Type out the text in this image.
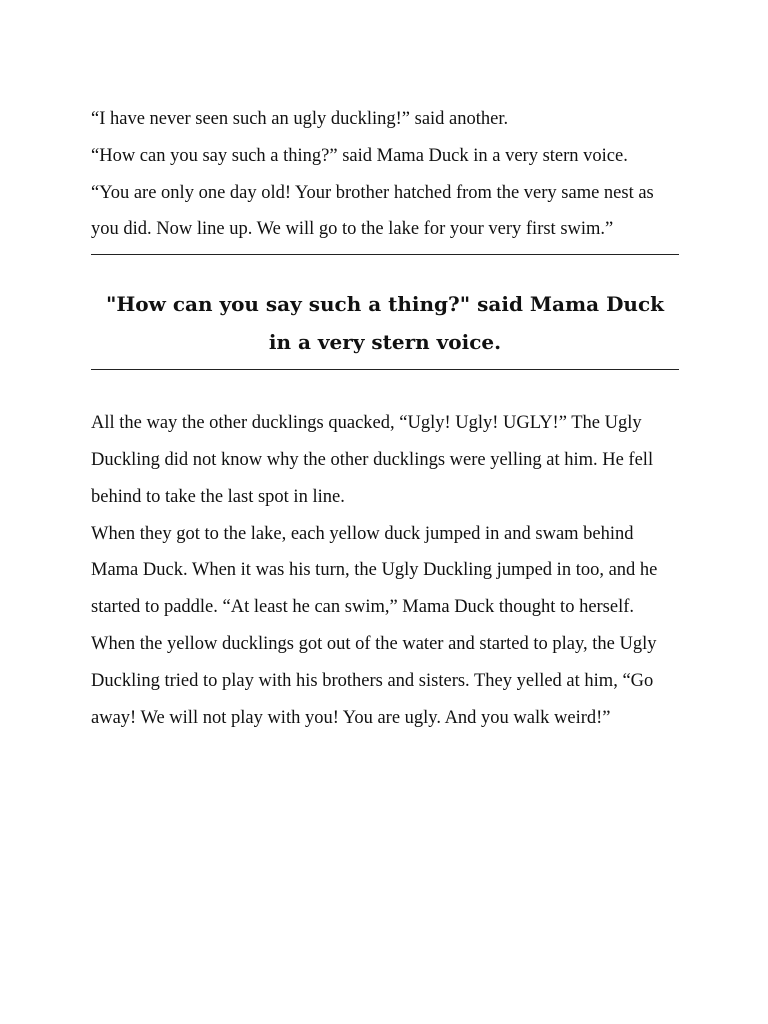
“I have never seen such an ugly duckling!” said another.

“How can you say such a thing?” said Mama Duck in a very stern voice.

“You are only one day old! Your brother hatched from the very same nest as you did. Now line up. We will go to the lake for your very first swim.”

"How can you say such a thing?" said Mama Duck in a very stern voice.

All the way the other ducklings quacked, “Ugly! Ugly! UGLY!” The Ugly Duckling did not know why the other ducklings were yelling at him. He fell behind to take the last spot in line.

When they got to the lake, each yellow duck jumped in and swam behind Mama Duck. When it was his turn, the Ugly Duckling jumped in too, and he started to paddle. “At least he can swim,” Mama Duck thought to herself.

When the yellow ducklings got out of the water and started to play, the Ugly Duckling tried to play with his brothers and sisters. They yelled at him, “Go away! We will not play with you! You are ugly. And you walk weird!”
